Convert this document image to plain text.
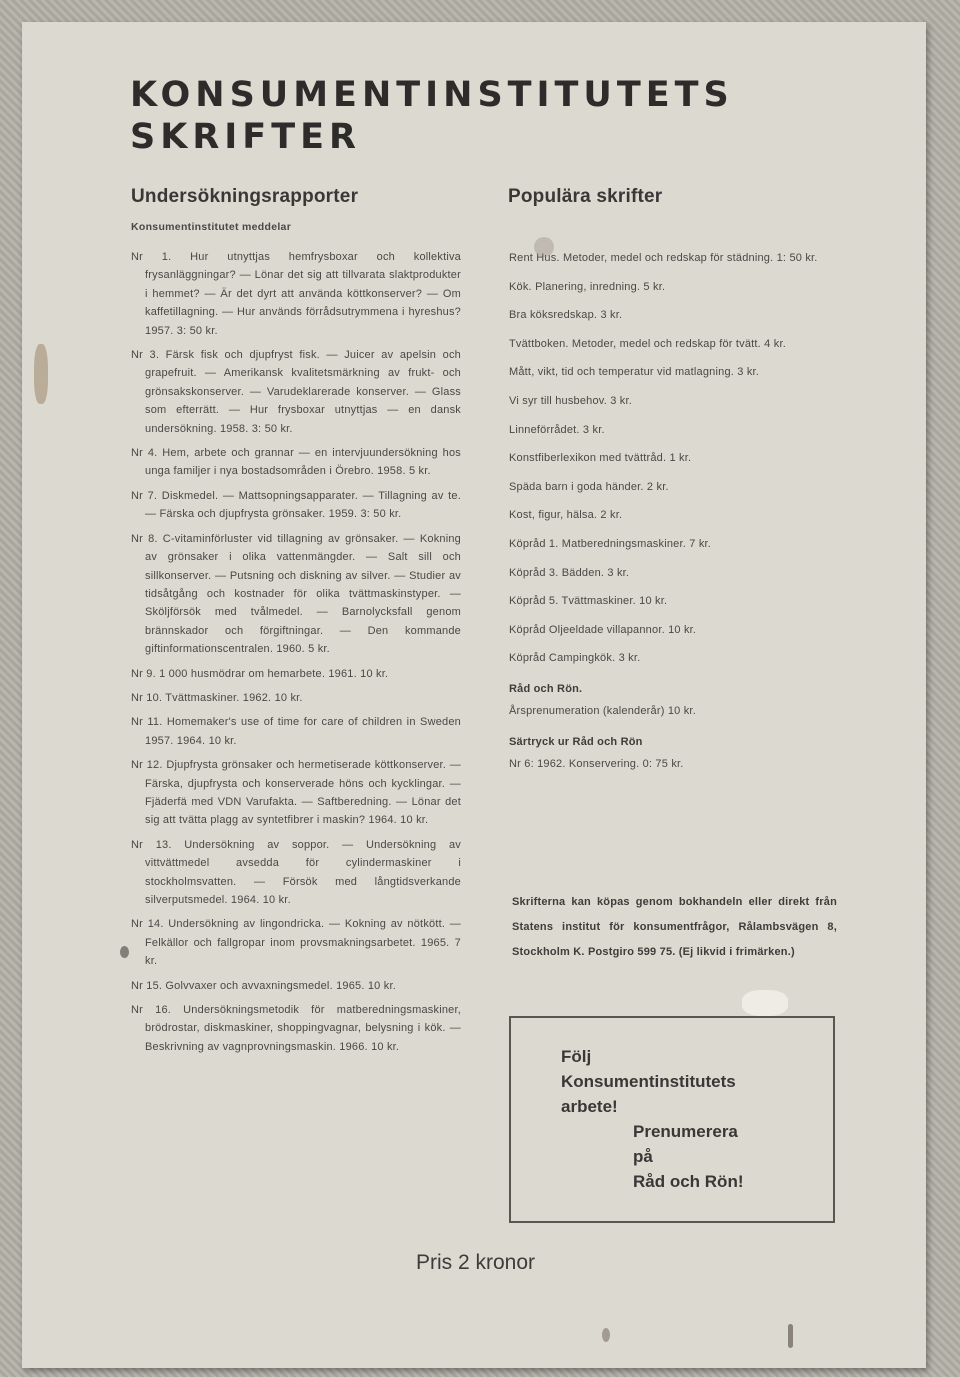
KONSUMENTINSTITUTETS
SKRIFTER
Undersökningsrapporter
Konsumentinstitutet meddelar

Nr 1. Hur utnyttjas hemfrysboxar och kollektiva frysanläggningar? — Lönar det sig att tillvarata slaktprodukter i hemmet? — Är det dyrt att använda köttkonserver? — Om kaffetillagning. — Hur används förrådsutrymmena i hyreshus? 1957. 3: 50 kr.

Nr 3. Färsk fisk och djupfryst fisk. — Juicer av apelsin och grapefruit. — Amerikansk kvalitetsmärkning av frukt- och grönsakskonserver. — Varudeklarerade konserver. — Glass som efterrätt. — Hur frysboxar utnyttjas — en dansk undersökning. 1958. 3: 50 kr.

Nr 4. Hem, arbete och grannar — en intervjuundersökning hos unga familjer i nya bostadsområden i Örebro. 1958. 5 kr.

Nr 7. Diskmedel. — Mattsopningsapparater. — Tillagning av te. — Färska och djupfrysta grönsaker. 1959. 3: 50 kr.

Nr 8. C-vitaminförluster vid tillagning av grönsaker. — Kokning av grönsaker i olika vattenmängder. — Salt sill och sillkonserver. — Putsning och diskning av silver. — Studier av tidsåtgång och kostnader för olika tvättmaskinstyper. — Sköljförsök med tvålmedel. — Barnolycksfall genom brännskador och förgiftningar. — Den kommande giftinformationscentralen. 1960. 5 kr.

Nr 9. 1 000 husmödrar om hemarbete. 1961. 10 kr.

Nr 10. Tvättmaskiner. 1962. 10 kr.

Nr 11. Homemaker's use of time for care of children in Sweden 1957. 1964. 10 kr.

Nr 12. Djupfrysta grönsaker och hermetiserade köttkonserver. — Färska, djupfrysta och konserverade höns och kycklingar. — Fjäderfä med VDN Varufakta. — Saftberedning. — Lönar det sig att tvätta plagg av syntetfibrer i maskin? 1964. 10 kr.

Nr 13. Undersökning av soppor. — Undersökning av vittvättmedel avsedda för cylindermaskiner i stockholmsvatten. — Försök med långtidsverkande silverputsmedel. 1964. 10 kr.

Nr 14. Undersökning av lingondricka. — Kokning av nötkött. — Felkällor och fallgropar inom provsmakningsarbetet. 1965. 7 kr.

Nr 15. Golvvaxer och avvaxningsmedel. 1965. 10 kr.

Nr 16. Undersökningsmetodik för matberedningsmaskiner, brödrostar, diskmaskiner, shoppingvagnar, belysning i kök. — Beskrivning av vagnprovningsmaskin. 1966. 10 kr.

Populära skrifter
Rent Hus. Metoder, medel och redskap för städning. 1: 50 kr.
Kök. Planering, inredning. 5 kr.
Bra köksredskap. 3 kr.
Tvättboken. Metoder, medel och redskap för tvätt. 4 kr.
Mått, vikt, tid och temperatur vid matlagning. 3 kr.
Vi syr till husbehov. 3 kr.
Linneförrådet. 3 kr.
Konstfiberlexikon med tvättråd. 1 kr.
Späda barn i goda händer. 2 kr.
Kost, figur, hälsa. 2 kr.
Köpråd 1. Matberedningsmaskiner. 7 kr.
Köpråd 3. Bädden. 3 kr.
Köpråd 5. Tvättmaskiner. 10 kr.
Köpråd Oljeeldade villapannor. 10 kr.
Köpråd Campingkök. 3 kr.
Råd och Rön.
Årsprenumeration (kalenderår) 10 kr.
Särtryck ur Råd och Rön
Nr 6: 1962. Konservering. 0: 75 kr.
Skrifterna kan köpas genom bokhandeln eller direkt från Statens institut för konsumentfrågor, Rålambsvägen 8, Stockholm K. Postgiro 599 75. (Ej likvid i frimärken.)
Följ
Konsumentinstitutets
arbete!
Prenumerera
på
Råd och Rön!
Pris 2 kronor
